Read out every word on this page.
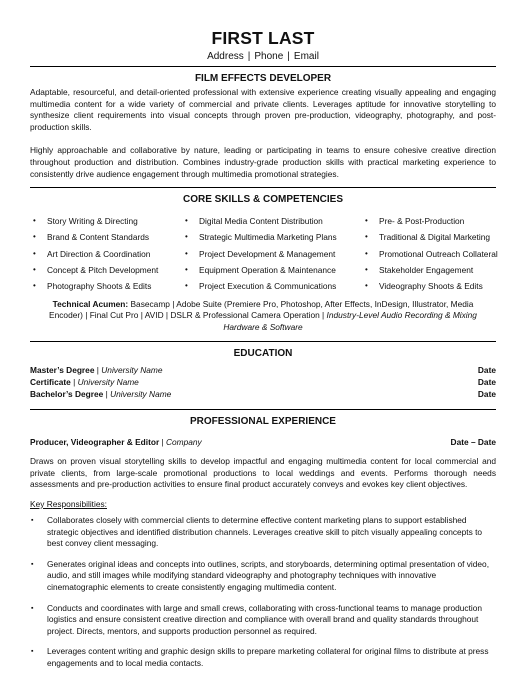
FIRST LAST
Address | Phone | Email
FILM EFFECTS DEVELOPER

Adaptable, resourceful, and detail-oriented professional with extensive experience creating visually appealing and engaging multimedia content for a wide variety of commercial and private clients. Leverages aptitude for innovative storytelling to synthesize client requirements into visual concepts through proven pre-production, videography, photography, and post-production skills.

Highly approachable and collaborative by nature, leading or participating in teams to ensure cohesive creative direction throughout production and distribution. Combines industry-grade production skills with practical marketing experience to consistently drive audience engagement through multimedia promotional strategies.

CORE SKILLS & COMPETENCIES
• Story Writing & Directing
• Brand & Content Standards
• Art Direction & Coordination
• Concept & Pitch Development
• Photography Shoots & Edits
• Digital Media Content Distribution
• Strategic Multimedia Marketing Plans
• Project Development & Management
• Equipment Operation & Maintenance
• Project Execution & Communications
• Pre- & Post-Production
• Traditional & Digital Marketing
• Promotional Outreach Collateral
• Stakeholder Engagement
• Videography Shoots & Edits
Technical Acumen: Basecamp | Adobe Suite (Premiere Pro, Photoshop, After Effects, InDesign, Illustrator, Media Encoder) | Final Cut Pro | AVID | DSLR & Professional Camera Operation | Industry-Level Audio Recording & Mixing Hardware & Software
EDUCATION
Master’s Degree | University Name	Date
Certificate | University Name	Date
Bachelor’s Degree | University Name	Date
PROFESSIONAL EXPERIENCE
Producer, Videographer & Editor | Company	Date – Date

Draws on proven visual storytelling skills to develop impactful and engaging multimedia content for local commercial and private clients, from large-scale promotional productions to local weddings and events. Performs thorough needs assessments and pre-production activities to ensure final product accurately conveys and evokes key client objectives.

Key Responsibilities:
▪ Collaborates closely with commercial clients to determine effective content marketing plans to support established strategic objectives and identified distribution channels. Leverages creative skill to pitch visually appealing concepts to best convey client messaging.
▪ Generates original ideas and concepts into outlines, scripts, and storyboards, determining optimal presentation of video, audio, and still images while modifying standard videography and photography techniques with innovative cinematographic elements to create consistently engaging multimedia content.
▪ Conducts and coordinates with large and small crews, collaborating with cross-functional teams to manage production logistics and ensure consistent creative direction and compliance with overall brand and quality standards throughout project. Directs, mentors, and supports production personnel as required.
▪ Leverages content writing and graphic design skills to prepare marketing collateral for original films to distribute at press engagements and to local media contacts.
